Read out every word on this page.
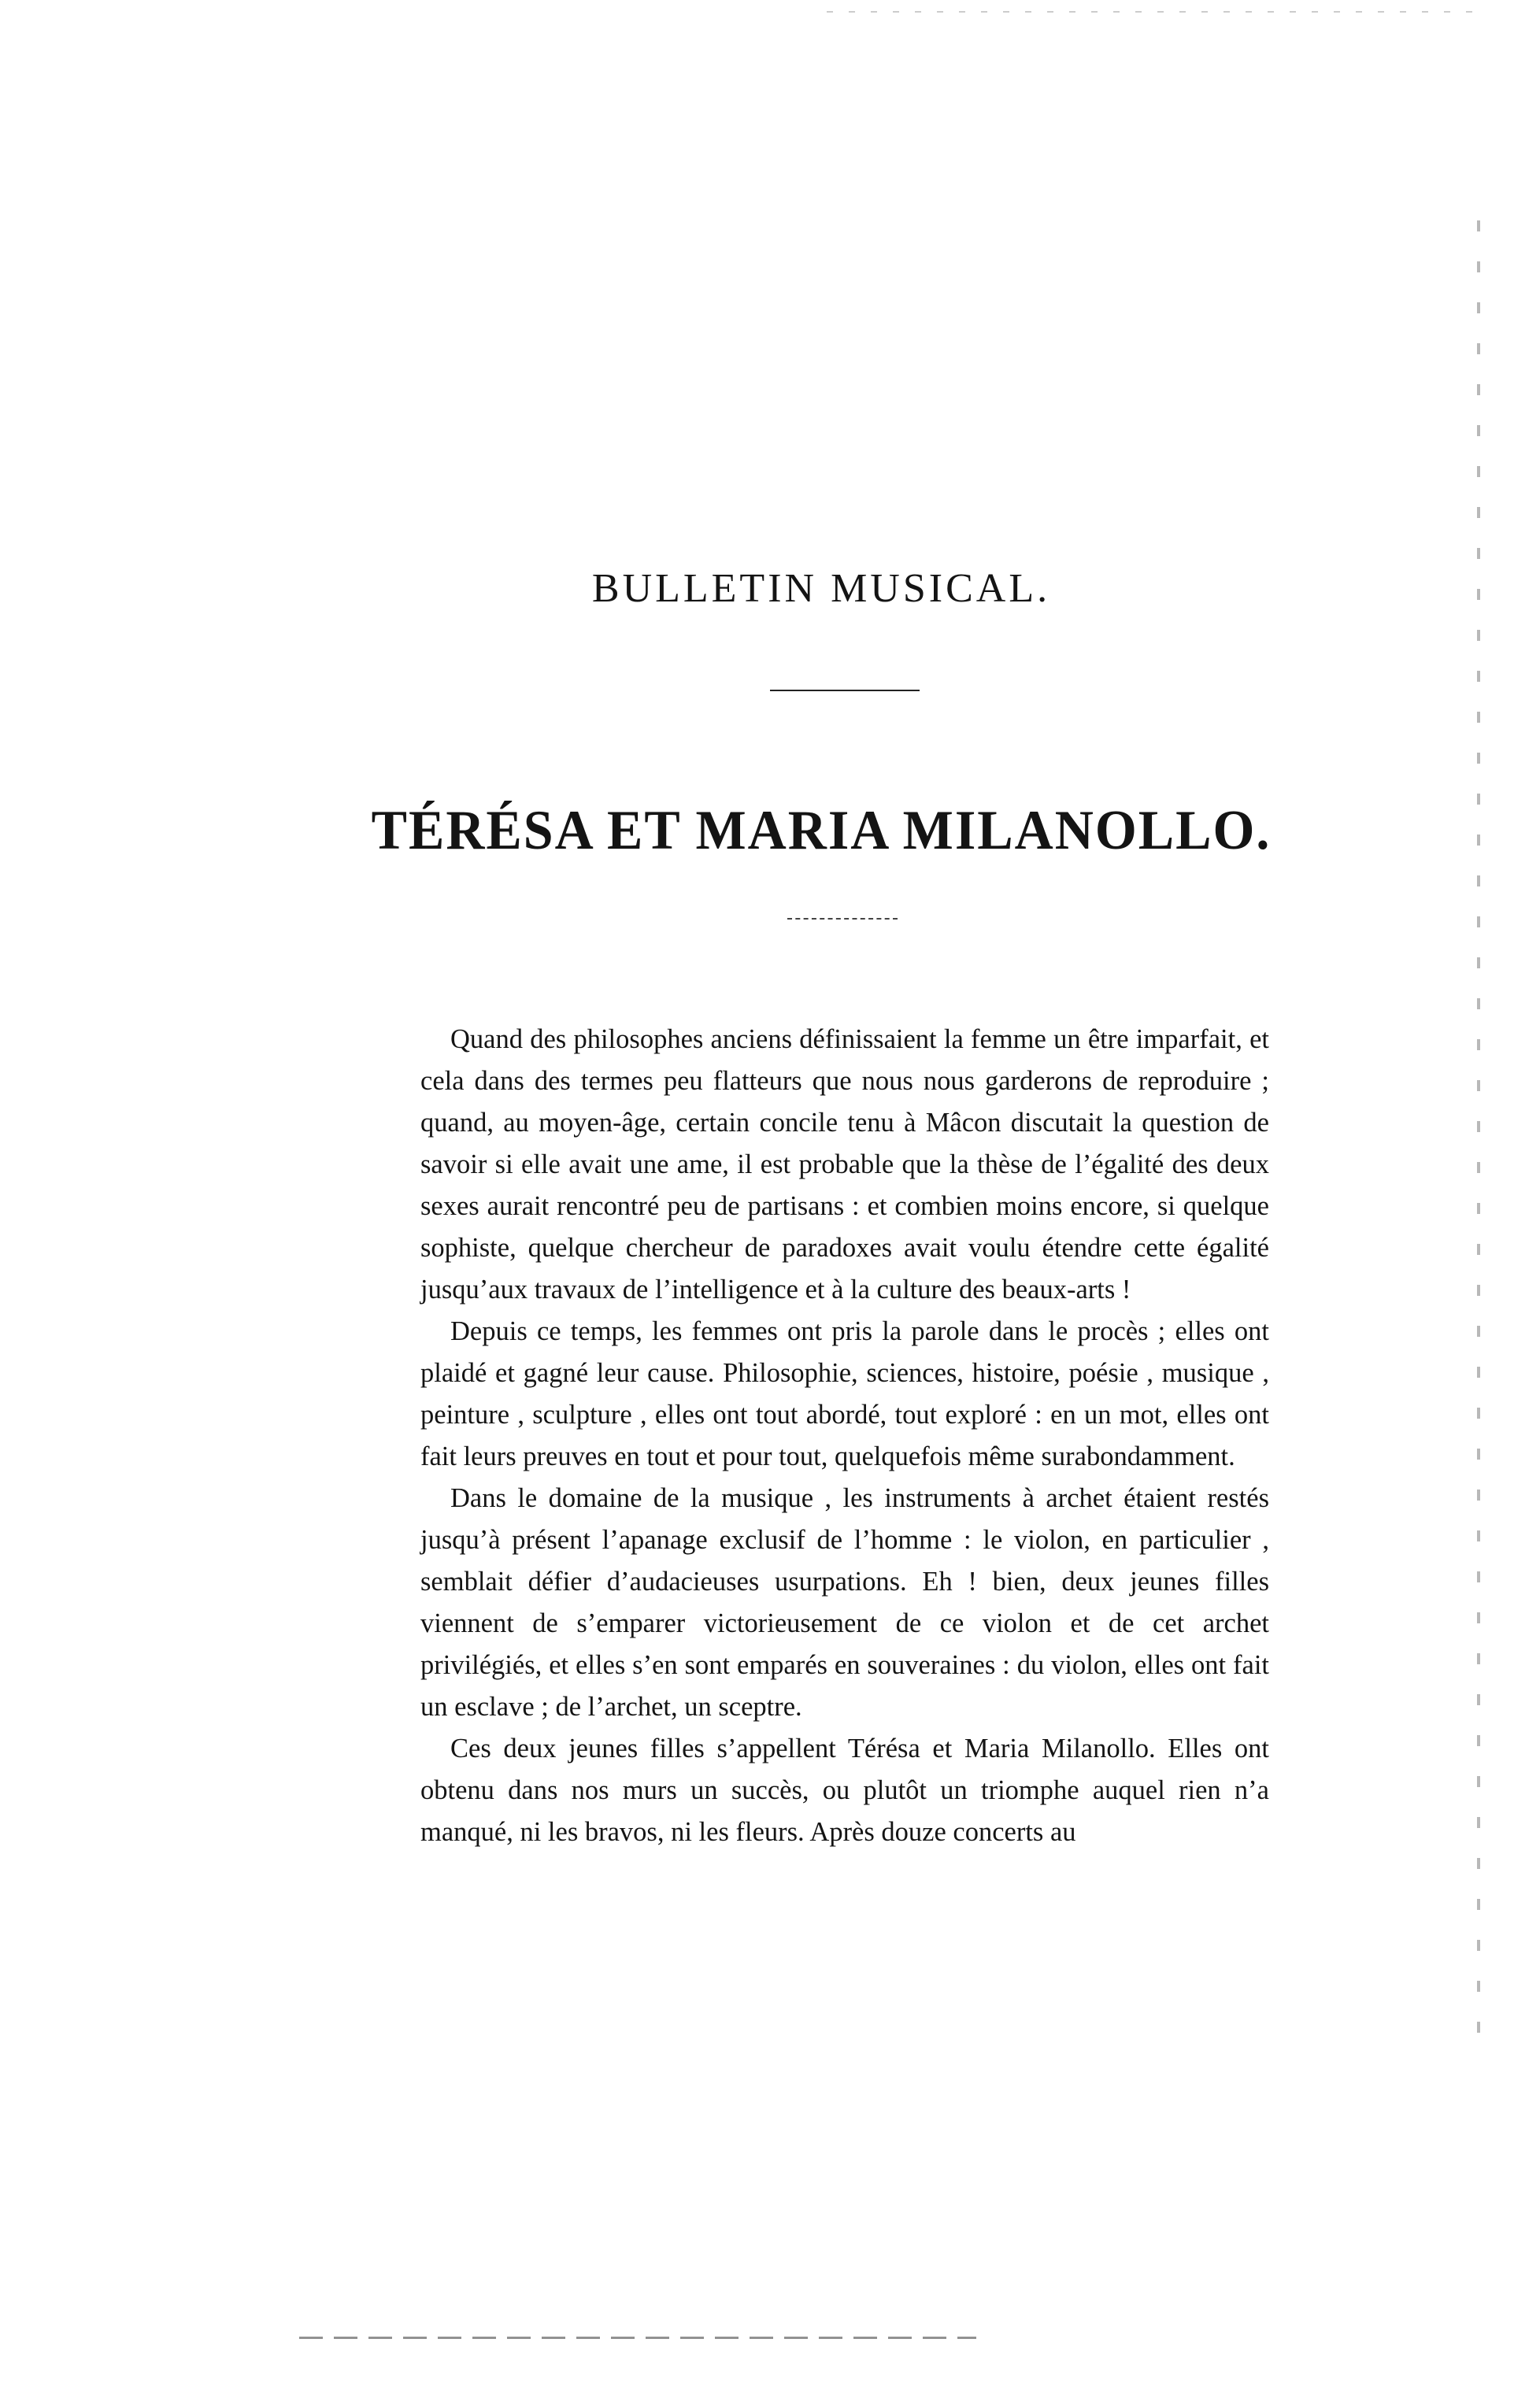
BULLETIN MUSICAL.
TÉRÉSA ET MARIA MILANOLLO.

Quand des philosophes anciens définissaient la femme un être imparfait, et cela dans des termes peu flatteurs que nous nous garderons de reproduire ; quand, au moyen-âge, certain concile tenu à Mâcon discutait la question de savoir si elle avait une ame, il est probable que la thèse de l’égalité des deux sexes aurait rencontré peu de partisans : et combien moins encore, si quelque sophiste, quelque chercheur de paradoxes avait voulu étendre cette égalité jusqu’aux travaux de l’intelligence et à la culture des beaux-arts !

Depuis ce temps, les femmes ont pris la parole dans le procès ; elles ont plaidé et gagné leur cause. Philosophie, sciences, histoire, poésie , musique , peinture , sculpture , elles ont tout abordé, tout exploré : en un mot, elles ont fait leurs preuves en tout et pour tout, quelquefois même surabondamment.

Dans le domaine de la musique , les instruments à archet étaient restés jusqu’à présent l’apanage exclusif de l’homme : le violon, en particulier , semblait défier d’audacieuses usurpations. Eh ! bien, deux jeunes filles viennent de s’emparer victorieusement de ce violon et de cet archet privilégiés, et elles s’en sont emparés en souveraines : du violon, elles ont fait un esclave ; de l’archet, un sceptre.

Ces deux jeunes filles s’appellent Térésa et Maria Milanollo. Elles ont obtenu dans nos murs un succès, ou plutôt un triomphe auquel rien n’a manqué, ni les bravos, ni les fleurs. Après douze concerts au
